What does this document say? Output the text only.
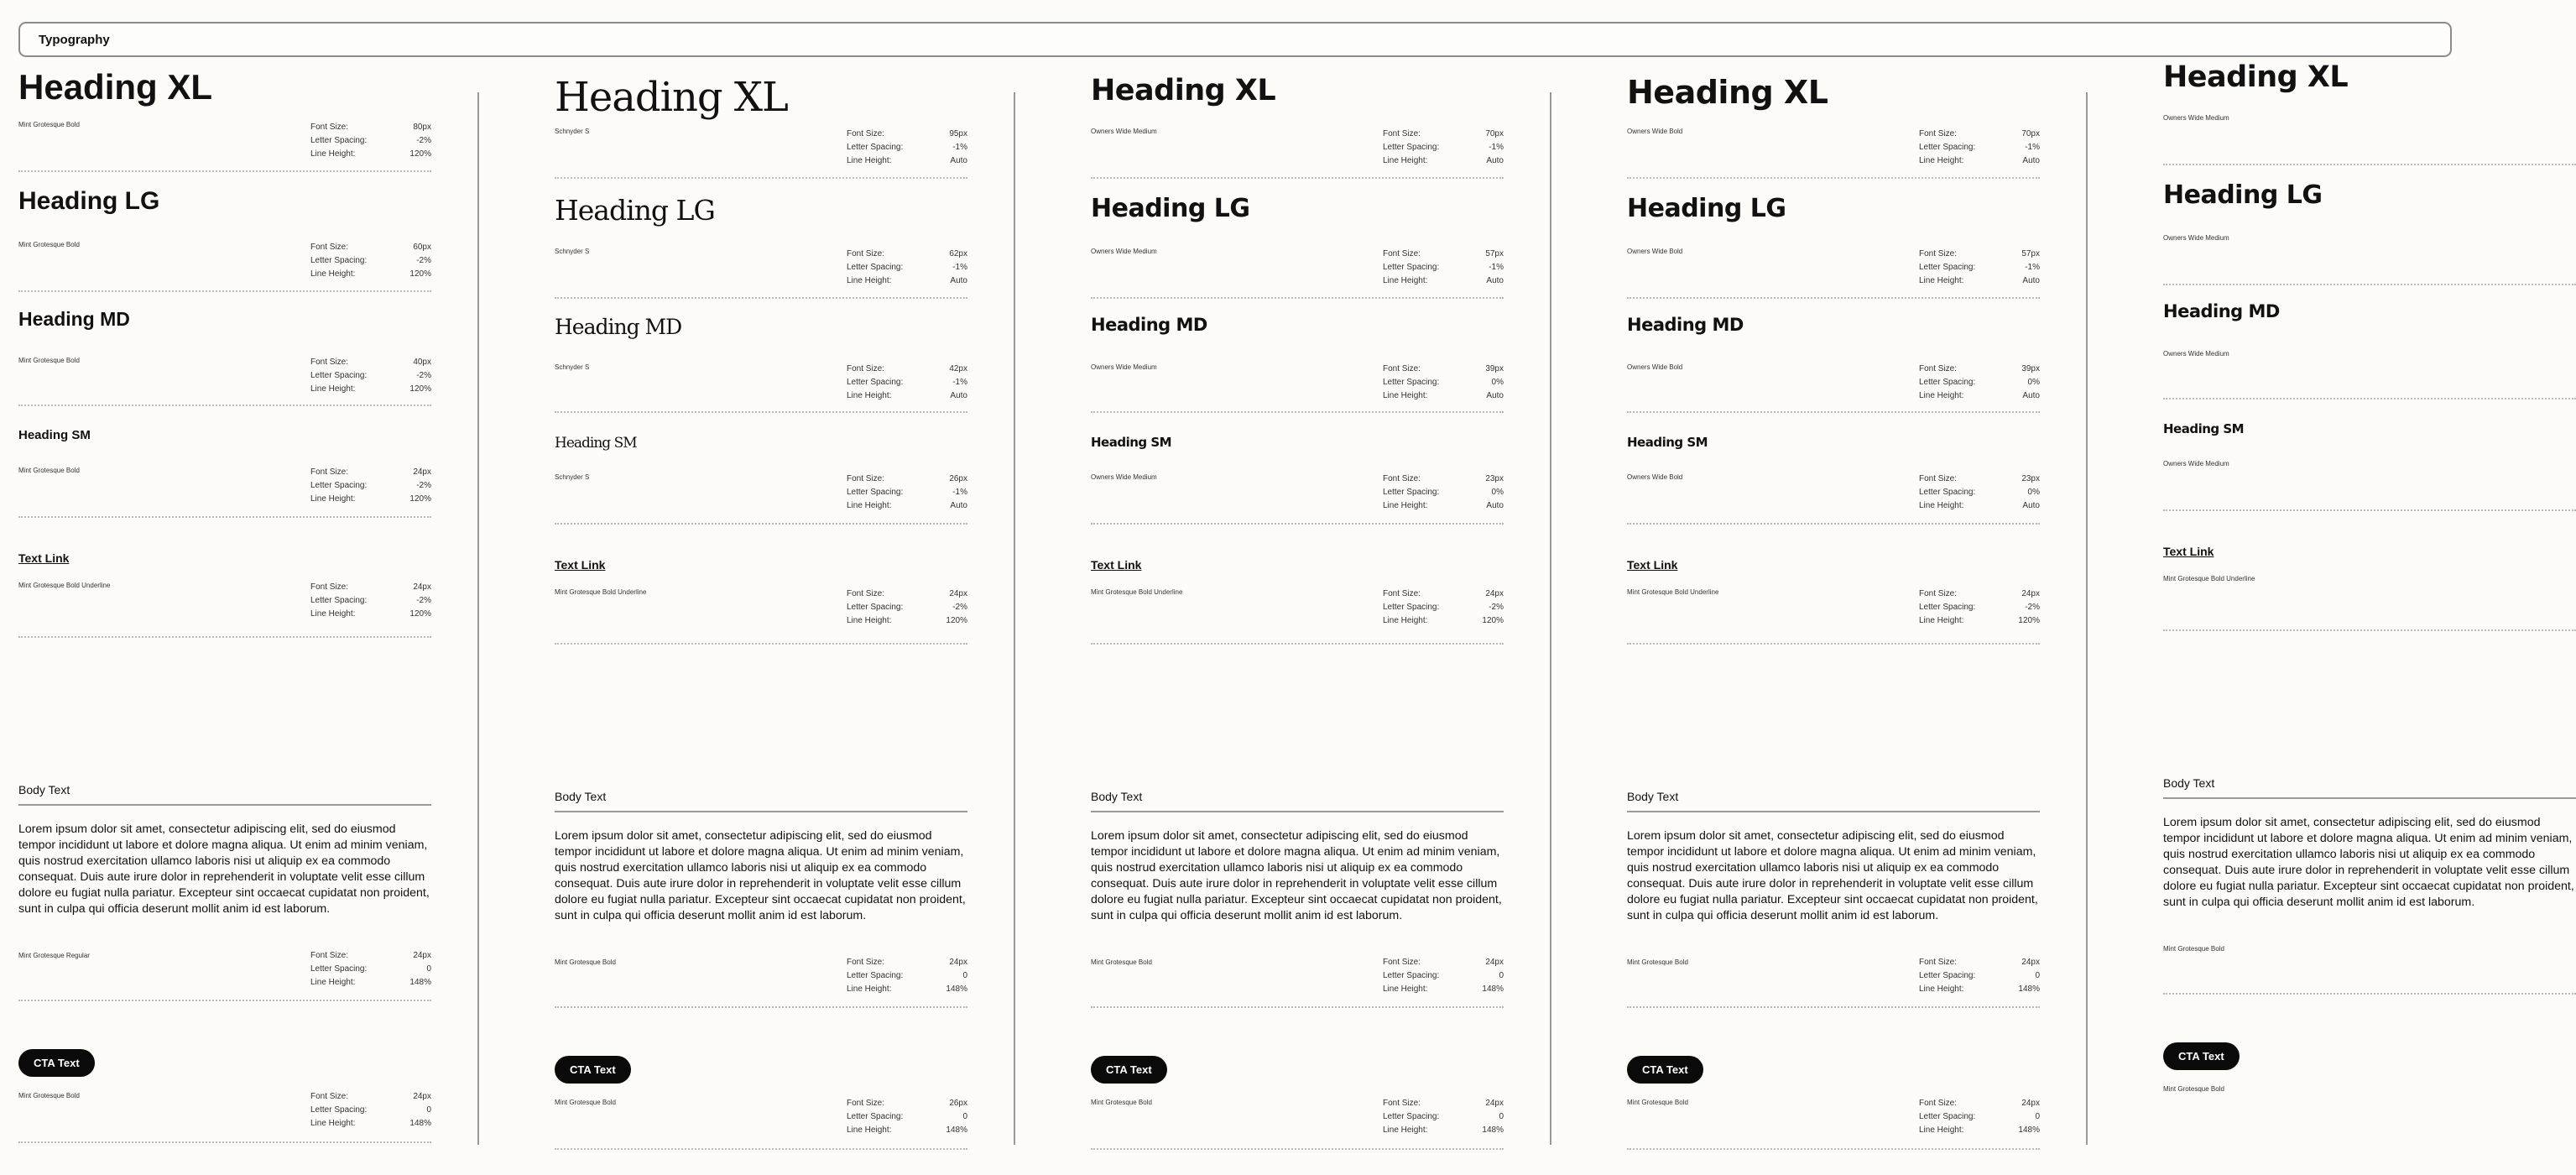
Typography
Heading XL
Mint Grotesque Bold	Font Size:	80px
Letter Spacing:	-2%
Line Height:	120%
Heading LG
Mint Grotesque Bold	Font Size:	60px
Letter Spacing:	-2%
Line Height:	120%
Heading MD
Mint Grotesque Bold	Font Size:	40px
Letter Spacing:	-2%
Line Height:	120%
Heading SM
Mint Grotesque Bold	Font Size:	24px
Letter Spacing:	-2%
Line Height:	120%
Text Link
Mint Grotesque Bold Underline	Font Size:	24px
Letter Spacing:	-2%
Line Height:	120%
Body Text
Lorem ipsum dolor sit amet, consectetur adipiscing elit, sed do eiusmod tempor incididunt ut labore et dolore magna aliqua. Ut enim ad minim veniam, quis nostrud exercitation ullamco laboris nisi ut aliquip ex ea commodo consequat. Duis aute irure dolor in reprehenderit in voluptate velit esse cillum dolore eu fugiat nulla pariatur. Excepteur sint occaecat cupidatat non proident, sunt in culpa qui officia deserunt mollit anim id est laborum.
Mint Grotesque Regular	Font Size:	24px
Letter Spacing:	0
Line Height:	148%
CTA Text
Mint Grotesque Bold	Font Size:	24px
Letter Spacing:	0
Line Height:	148%
Heading XL
Schnyder S	Font Size:	95px
Letter Spacing:	-1%
Line Height:	Auto
Heading LG
Schnyder S	Font Size:	62px
Letter Spacing:	-1%
Line Height:	Auto
Heading MD
Schnyder S	Font Size:	42px
Letter Spacing:	-1%
Line Height:	Auto
Heading SM
Schnyder S	Font Size:	26px
Letter Spacing:	-1%
Line Height:	Auto
Text Link
Mint Grotesque Bold Underline	Font Size:	24px
Letter Spacing:	-2%
Line Height:	120%
Body Text
Lorem ipsum dolor sit amet, consectetur adipiscing elit, sed do eiusmod tempor incididunt ut labore et dolore magna aliqua. Ut enim ad minim veniam, quis nostrud exercitation ullamco laboris nisi ut aliquip ex ea commodo consequat. Duis aute irure dolor in reprehenderit in voluptate velit esse cillum dolore eu fugiat nulla pariatur. Excepteur sint occaecat cupidatat non proident, sunt in culpa qui officia deserunt mollit anim id est laborum.
Mint Grotesque Bold	Font Size:	24px
Letter Spacing:	0
Line Height:	148%
CTA Text
Mint Grotesque Bold	Font Size:	26px
Letter Spacing:	0
Line Height:	148%
Heading XL
Owners Wide Medium	Font Size:	70px
Letter Spacing:	-1%
Line Height:	Auto
Heading LG
Owners Wide Medium	Font Size:	57px
Letter Spacing:	-1%
Line Height:	Auto
Heading MD
Owners Wide Medium	Font Size:	39px
Letter Spacing:	0%
Line Height:	Auto
Heading SM
Owners Wide Medium	Font Size:	23px
Letter Spacing:	0%
Line Height:	Auto
Text Link
Mint Grotesque Bold Underline	Font Size:	24px
Letter Spacing:	-2%
Line Height:	120%
Body Text
Lorem ipsum dolor sit amet, consectetur adipiscing elit, sed do eiusmod tempor incididunt ut labore et dolore magna aliqua. Ut enim ad minim veniam, quis nostrud exercitation ullamco laboris nisi ut aliquip ex ea commodo consequat. Duis aute irure dolor in reprehenderit in voluptate velit esse cillum dolore eu fugiat nulla pariatur. Excepteur sint occaecat cupidatat non proident, sunt in culpa qui officia deserunt mollit anim id est laborum.
Mint Grotesque Bold	Font Size:	24px
Letter Spacing:	0
Line Height:	148%
CTA Text
Mint Grotesque Bold	Font Size:	24px
Letter Spacing:	0
Line Height:	148%
Heading XL
Owners Wide Bold	Font Size:	70px
Letter Spacing:	-1%
Line Height:	Auto
Heading LG
Owners Wide Bold	Font Size:	57px
Letter Spacing:	-1%
Line Height:	Auto
Heading MD
Owners Wide Bold	Font Size:	39px
Letter Spacing:	0%
Line Height:	Auto
Heading SM
Owners Wide Bold	Font Size:	23px
Letter Spacing:	0%
Line Height:	Auto
Text Link
Mint Grotesque Bold Underline	Font Size:	24px
Letter Spacing:	-2%
Line Height:	120%
Body Text
Lorem ipsum dolor sit amet, consectetur adipiscing elit, sed do eiusmod tempor incididunt ut labore et dolore magna aliqua. Ut enim ad minim veniam, quis nostrud exercitation ullamco laboris nisi ut aliquip ex ea commodo consequat. Duis aute irure dolor in reprehenderit in voluptate velit esse cillum dolore eu fugiat nulla pariatur. Excepteur sint occaecat cupidatat non proident, sunt in culpa qui officia deserunt mollit anim id est laborum.
Mint Grotesque Bold	Font Size:	24px
Letter Spacing:	0
Line Height:	148%
CTA Text
Mint Grotesque Bold	Font Size:	24px
Letter Spacing:	0
Line Height:	148%
Heading XL
Owners Wide Medium
Heading LG
Owners Wide Medium
Heading MD
Owners Wide Medium
Heading SM
Owners Wide Medium
Text Link
Mint Grotesque Bold Underline
Body Text
Lorem ipsum dolor sit amet, consectetur adipiscing elit, sed do eiusmod tempor incididunt ut labore et dolore magna aliqua. Ut enim ad minim veniam, quis nostrud exercitation ullamco laboris nisi ut aliquip ex ea commodo consequat. Duis aute irure dolor in reprehenderit in voluptate velit esse cillum dolore eu fugiat nulla pariatur. Excepteur sint occaecat cupidatat non proident, sunt in culpa qui officia deserunt mollit anim id est laborum.
Mint Grotesque Bold
CTA Text
Mint Grotesque Bold
